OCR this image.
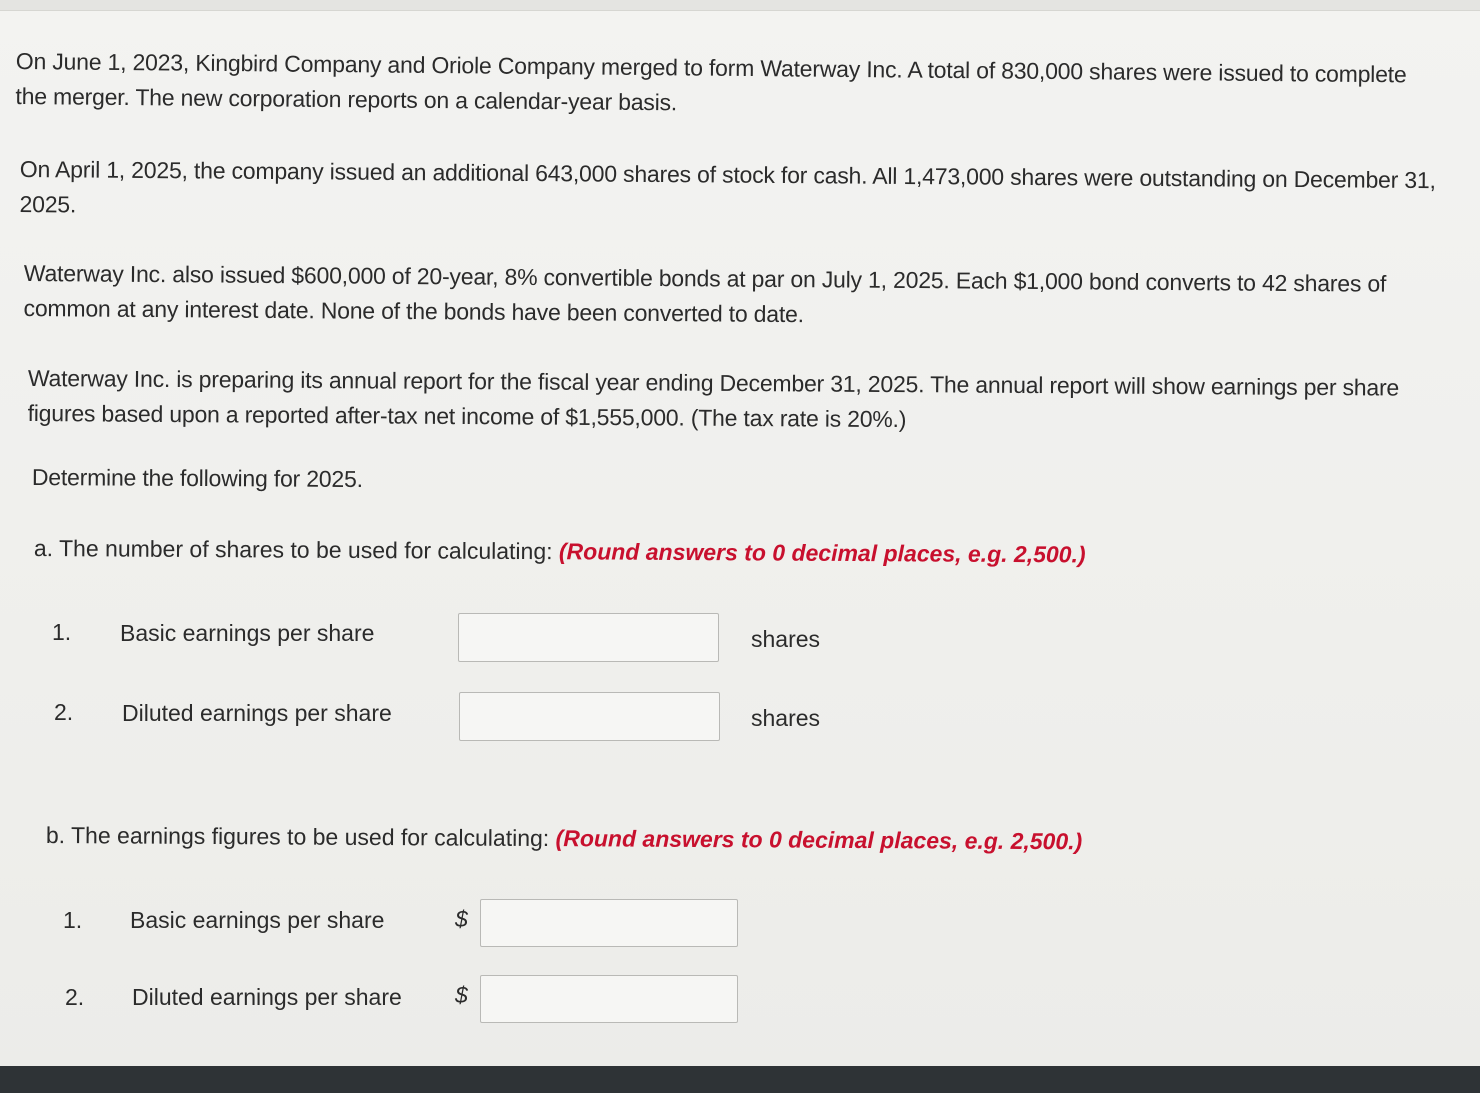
On June 1, 2023, Kingbird Company and Oriole Company merged to form Waterway Inc. A total of 830,000 shares were issued to complete the merger. The new corporation reports on a calendar-year basis.
On April 1, 2025, the company issued an additional 643,000 shares of stock for cash. All 1,473,000 shares were outstanding on December 31, 2025.
Waterway Inc. also issued $600,000 of 20-year, 8% convertible bonds at par on July 1, 2025. Each $1,000 bond converts to 42 shares of common at any interest date. None of the bonds have been converted to date.
Waterway Inc. is preparing its annual report for the fiscal year ending December 31, 2025. The annual report will show earnings per share figures based upon a reported after-tax net income of $1,555,000. (The tax rate is 20%.)
Determine the following for 2025.
a. The number of shares to be used for calculating: (Round answers to 0 decimal places, e.g. 2,500.)
1. Basic earnings per share	shares
2. Diluted earnings per share	shares
b. The earnings figures to be used for calculating: (Round answers to 0 decimal places, e.g. 2,500.)
1. Basic earnings per share	$
2. Diluted earnings per share $
